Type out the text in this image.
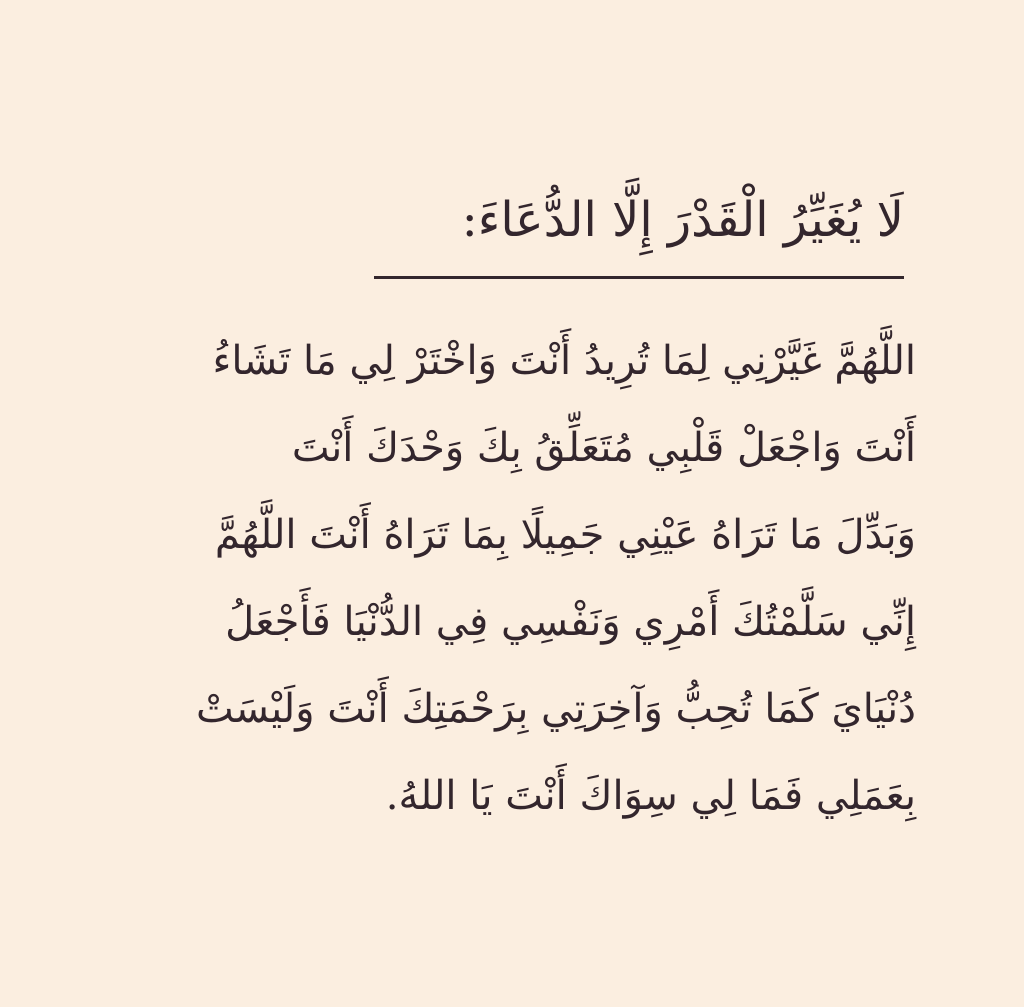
لَا يُغَيِّرُ الْقَدْرَ إِلَّا الدُّعَاءَ:
اللَّهُمَّ غَيَّرْنِي لِمَا تُرِيدُ أَنْتَ وَاخْتَرْ لِي مَا تَشَاءُ
أَنْتَ وَاجْعَلْ قَلْبِي مُتَعَلِّقُ بِكَ وَحْدَكَ أَنْتَ
وَبَدِّلَ مَا تَرَاهُ عَيْنِي جَمِيلًا بِمَا تَرَاهُ أَنْتَ اللَّهُمَّ
إِنِّي سَلَّمْتُكَ أَمْرِي وَنَفْسِي فِي الدُّنْيَا فَأَجْعَلُ
دُنْيَايَ كَمَا تُحِبُّ وَآخِرَتِي بِرَحْمَتِكَ أَنْتَ وَلَيْسَتْ
بِعَمَلِي فَمَا لِي سِوَاكَ أَنْتَ يَا اللهُ.
